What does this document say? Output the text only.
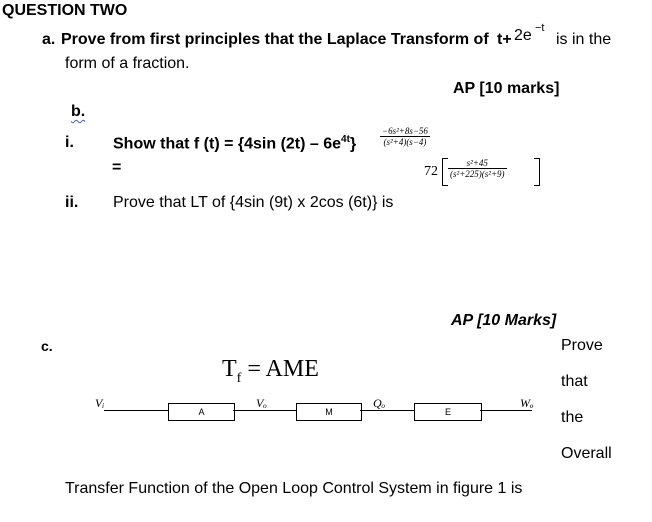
QUESTION TWO
a. Prove from first principles that the Laplace Transform of t+ 2e −t
is in the
form of a fraction.
AP [10 marks]
b.
i. Show that f (t) = {4sin $(2t) - 6e^{4t}$}
−6s²+8s−56
(s²+4)(s−4)
=	72
s²+45
(s²+225)(s²+9)
ii. Prove that LT of {4sin (9t) x 2cos (6t)} is
AP [10 Marks]
c.
$T_f$ = AME
Prove
that
the
Overall
Vᵢ
A
Vₒ
M
Qₒ
E
Wₒ
Transfer Function of the Open Loop Control System in figure 1 is
